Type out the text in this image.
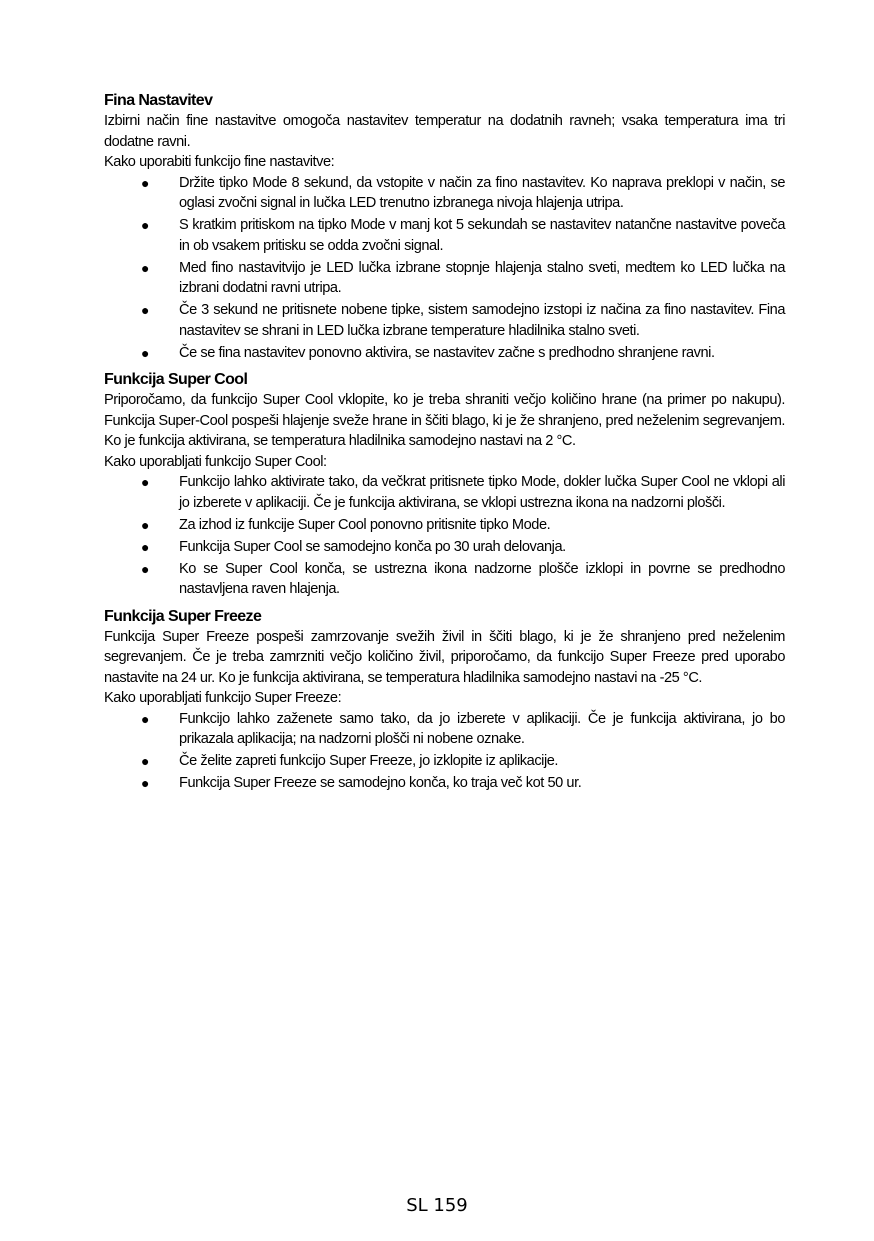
Fina Nastavitev

Izbirni način fine nastavitve omogoča nastavitev temperatur na dodatnih ravneh; vsaka temperatura ima tri dodatne ravni.

Kako uporabiti funkcijo fine nastavitve:

● Držite tipko Mode 8 sekund, da vstopite v način za fino nastavitev. Ko naprava preklopi v način, se oglasi zvočni signal in lučka LED trenutno izbranega nivoja hlajenja utripa.
● S kratkim pritiskom na tipko Mode v manj kot 5 sekundah se nastavitev natančne nastavitve poveča in ob vsakem pritisku se odda zvočni signal.
● Med fino nastavitvijo je LED lučka izbrane stopnje hlajenja stalno sveti, medtem ko LED lučka na izbrani dodatni ravni utripa.
● Če 3 sekund ne pritisnete nobene tipke, sistem samodejno izstopi iz načina za fino nastavitev. Fina nastavitev se shrani in LED lučka izbrane temperature hladilnika stalno sveti.
● Če se fina nastavitev ponovno aktivira, se nastavitev začne s predhodno shranjene ravni.
Funkcija Super Cool

Priporočamo, da funkcijo Super Cool vklopite, ko je treba shraniti večjo količino hrane (na primer po nakupu). Funkcija Super-Cool pospeši hlajenje sveže hrane in ščiti blago, ki je že shranjeno, pred neželenim segrevanjem. Ko je funkcija aktivirana, se temperatura hladilnika samodejno nastavi na 2 °C.

Kako uporabljati funkcijo Super Cool:

● Funkcijo lahko aktivirate tako, da večkrat pritisnete tipko Mode, dokler lučka Super Cool ne vklopi ali jo izberete v aplikaciji. Če je funkcija aktivirana, se vklopi ustrezna ikona na nadzorni plošči.
● Za izhod iz funkcije Super Cool ponovno pritisnite tipko Mode.
● Funkcija Super Cool se samodejno konča po 30 urah delovanja.
● Ko se Super Cool konča, se ustrezna ikona nadzorne plošče izklopi in povrne se predhodno nastavljena raven hlajenja.
Funkcija Super Freeze

Funkcija Super Freeze pospeši zamrzovanje svežih živil in ščiti blago, ki je že shranjeno pred neželenim segrevanjem. Če je treba zamrzniti večjo količino živil, priporočamo, da funkcijo Super Freeze pred uporabo nastavite na 24 ur. Ko je funkcija aktivirana, se temperatura hladilnika samodejno nastavi na -25 °C.

Kako uporabljati funkcijo Super Freeze:

● Funkcijo lahko zaženete samo tako, da jo izberete v aplikaciji. Če je funkcija aktivirana, jo bo prikazala aplikacija; na nadzorni plošči ni nobene oznake.
● Če želite zapreti funkcijo Super Freeze, jo izklopite iz aplikacije.
● Funkcija Super Freeze se samodejno konča, ko traja več kot 50 ur.
SL 159
